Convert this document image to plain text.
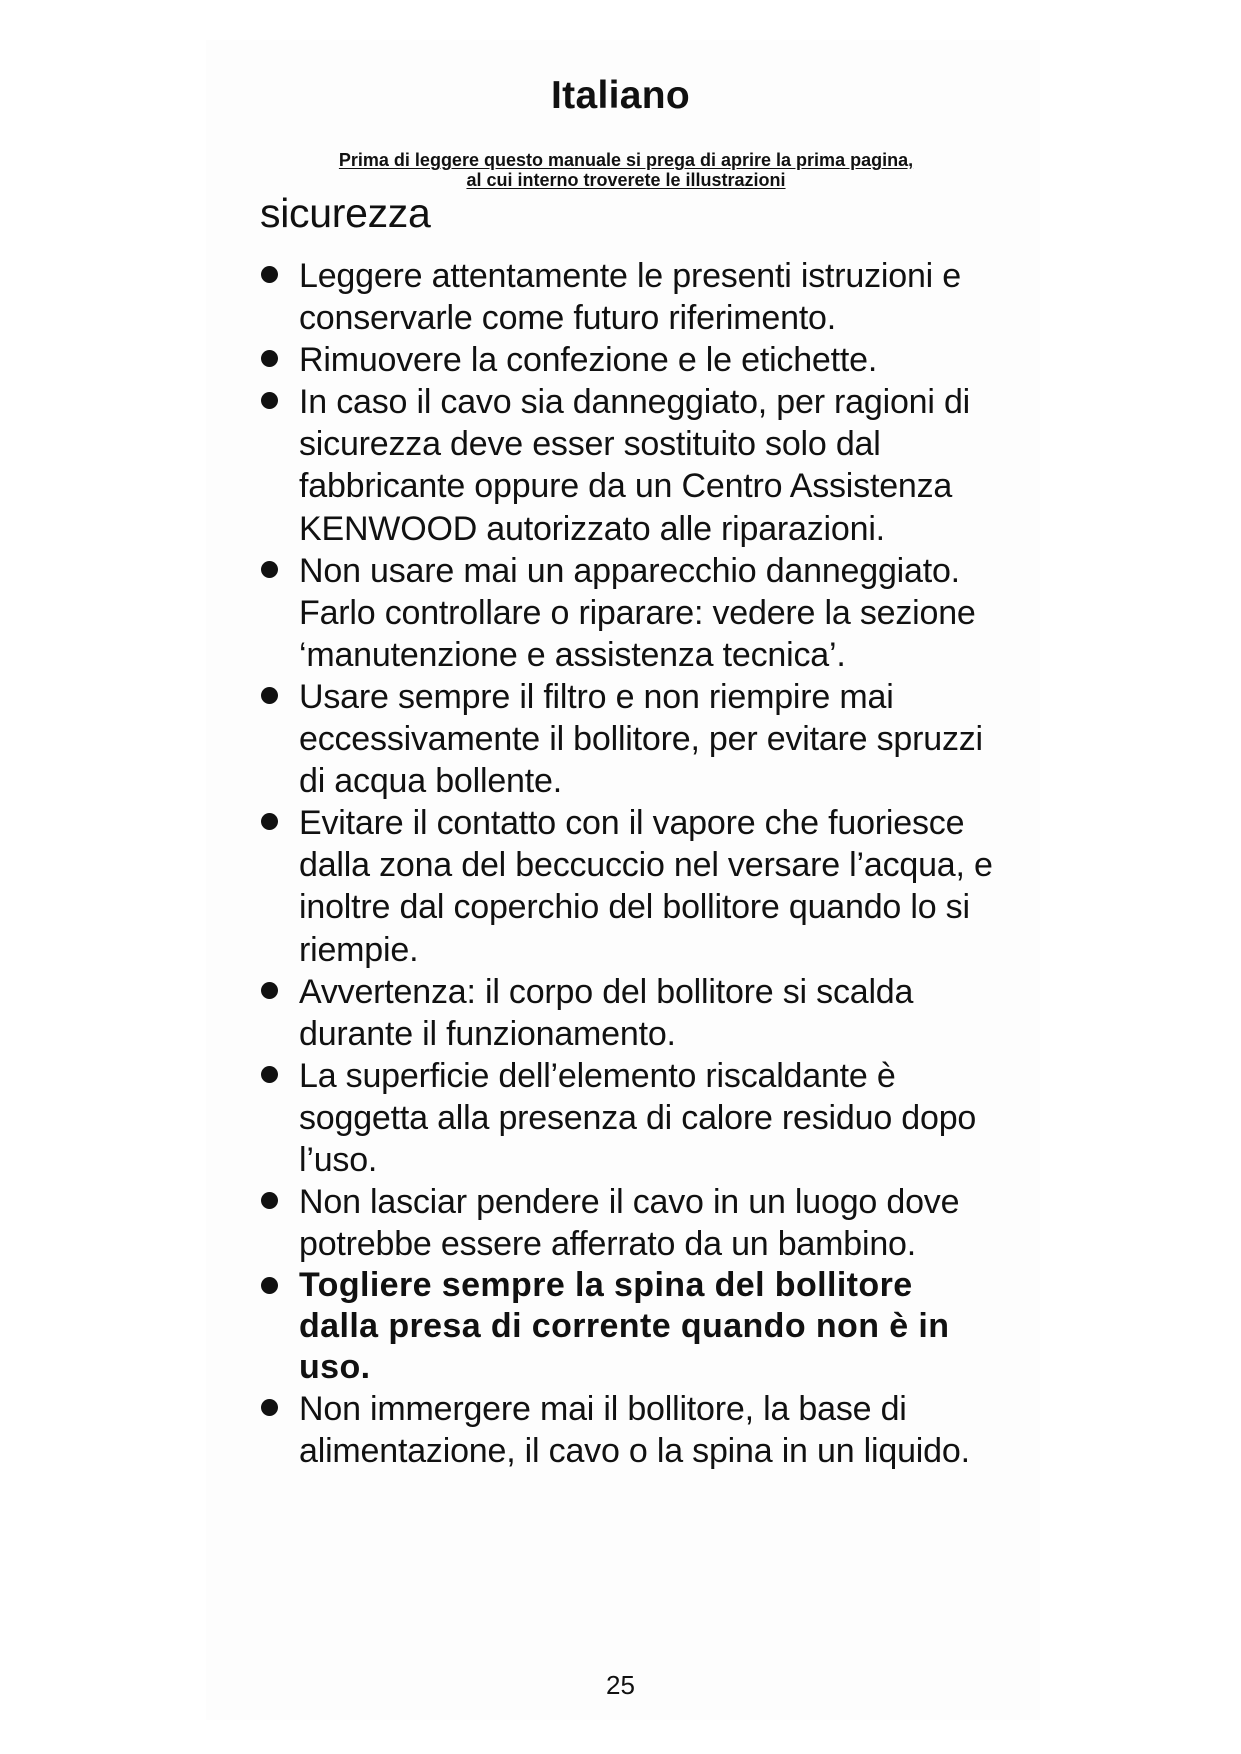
Italiano
Prima di leggere questo manuale si prega di aprire la prima pagina,
al cui interno troverete le illustrazioni
sicurezza
Leggere attentamente le presenti istruzioni e conservarle come futuro riferimento.
Rimuovere la confezione e le etichette.
In caso il cavo sia danneggiato, per ragioni di sicurezza deve esser sostituito solo dal fabbricante oppure da un Centro Assistenza KENWOOD autorizzato alle riparazioni.
Non usare mai un apparecchio danneggiato. Farlo controllare o riparare: vedere la sezione ‘manutenzione e assistenza tecnica’.
Usare sempre il filtro e non riempire mai eccessivamente il bollitore, per evitare spruzzi di acqua bollente.
Evitare il contatto con il vapore che fuoriesce dalla zona del beccuccio nel versare l’acqua, e inoltre dal coperchio del bollitore quando lo si riempie.
Avvertenza: il corpo del bollitore si scalda durante il funzionamento.
La superficie dell’elemento riscaldante è soggetta alla presenza di calore residuo dopo l’uso.
Non lasciar pendere il cavo in un luogo dove potrebbe essere afferrato da un bambino.
Togliere sempre la spina del bollitore dalla presa di corrente quando non è in uso.
Non immergere mai il bollitore, la base di alimentazione, il cavo o la spina in un liquido.
25
